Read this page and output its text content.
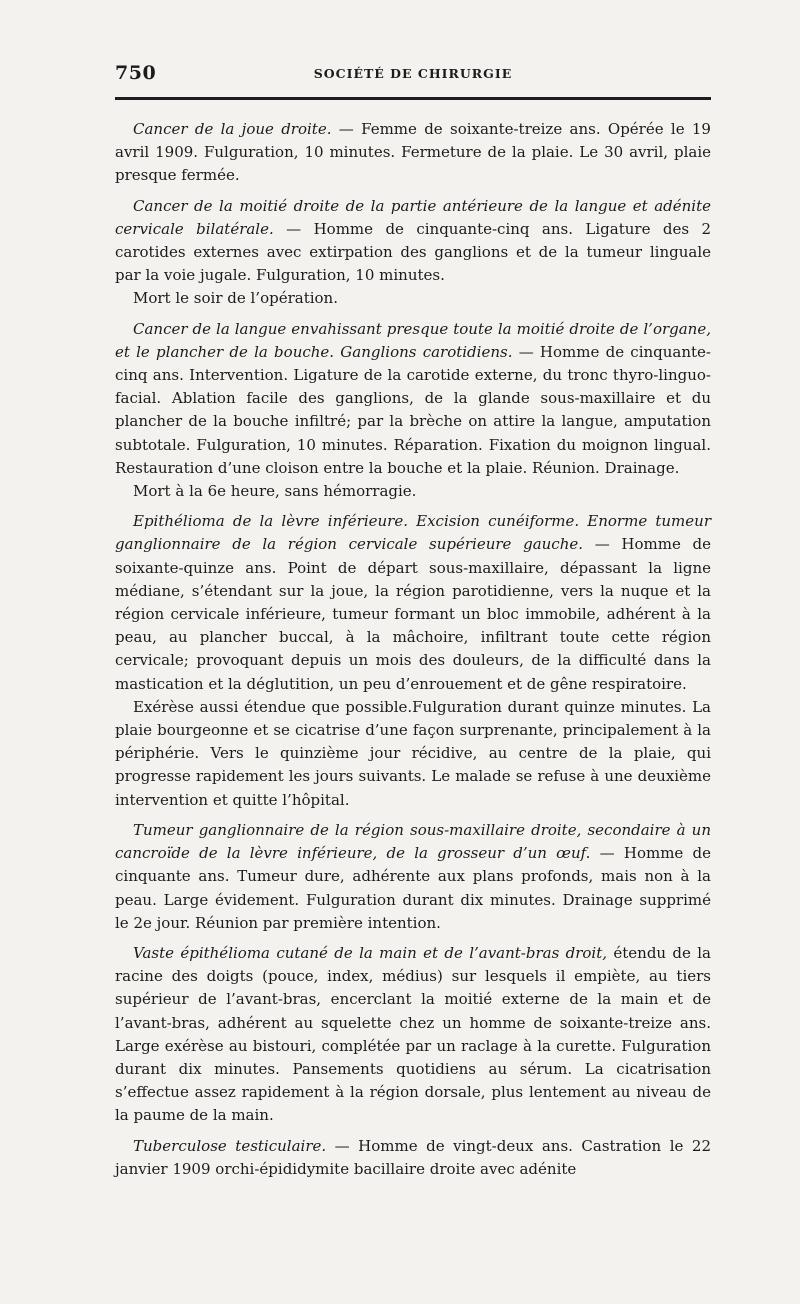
750	SOCIÉTÉ DE CHIRURGIE

Cancer de la joue droite. — Femme de soixante-treize ans. Opérée le 19 avril 1909. Fulguration, 10 minutes. Fermeture de la plaie. Le 30 avril, plaie presque fermée.

Cancer de la moitié droite de la partie antérieure de la langue et adénite cervicale bilatérale. — Homme de cinquante-cinq ans. Ligature des 2 carotides externes avec extirpation des ganglions et de la tumeur linguale par la voie jugale. Fulguration, 10 minutes.

Mort le soir de l’opération.

Cancer de la langue envahissant presque toute la moitié droite de l’organe, et le plancher de la bouche. Ganglions carotidiens. — Homme de cinquante-cinq ans. Intervention. Ligature de la carotide externe, du tronc thyro-linguo-facial. Ablation facile des ganglions, de la glande sous-maxillaire et du plancher de la bouche infiltré; par la brèche on attire la langue, amputation subtotale. Fulguration, 10 minutes. Réparation. Fixation du moignon lingual. Restauration d’une cloison entre la bouche et la plaie. Réunion. Drainage.

Mort à la 6e heure, sans hémorragie.

Epithélioma de la lèvre inférieure. Excision cunéiforme. Enorme tumeur ganglionnaire de la région cervicale supérieure gauche. — Homme de soixante-quinze ans. Point de départ sous-maxillaire, dépassant la ligne médiane, s’étendant sur la joue, la région parotidienne, vers la nuque et la région cervicale inférieure, tumeur formant un bloc immobile, adhérent à la peau, au plancher buccal, à la mâchoire, infiltrant toute cette région cervicale; provoquant depuis un mois des douleurs, de la difficulté dans la mastication et la déglutition, un peu d’enrouement et de gêne respiratoire.

Exérèse aussi étendue que possible.Fulguration durant quinze minutes. La plaie bourgeonne et se cicatrise d’une façon surprenante, principalement à la périphérie. Vers le quinzième jour récidive, au centre de la plaie, qui progresse rapidement les jours suivants. Le malade se refuse à une deuxième intervention et quitte l’hôpital.

Tumeur ganglionnaire de la région sous-maxillaire droite, secondaire à un cancroïde de la lèvre inférieure, de la grosseur d’un œuf. — Homme de cinquante ans. Tumeur dure, adhérente aux plans profonds, mais non à la peau. Large évidement. Fulguration durant dix minutes. Drainage supprimé le 2e jour. Réunion par première intention.

Vaste épithélioma cutané de la main et de l’avant-bras droit, étendu de la racine des doigts (pouce, index, médius) sur lesquels il empiète, au tiers supérieur de l’avant-bras, encerclant la moitié externe de la main et de l’avant-bras, adhérent au squelette chez un homme de soixante-treize ans. Large exérèse au bistouri, complétée par un raclage à la curette. Fulguration durant dix minutes. Pansements quotidiens au sérum. La cicatrisation s’effectue assez rapidement à la région dorsale, plus lentement au niveau de la paume de la main.

Tuberculose testiculaire. — Homme de vingt-deux ans. Castration le 22 janvier 1909 orchi-épididymite bacillaire droite avec adénite
